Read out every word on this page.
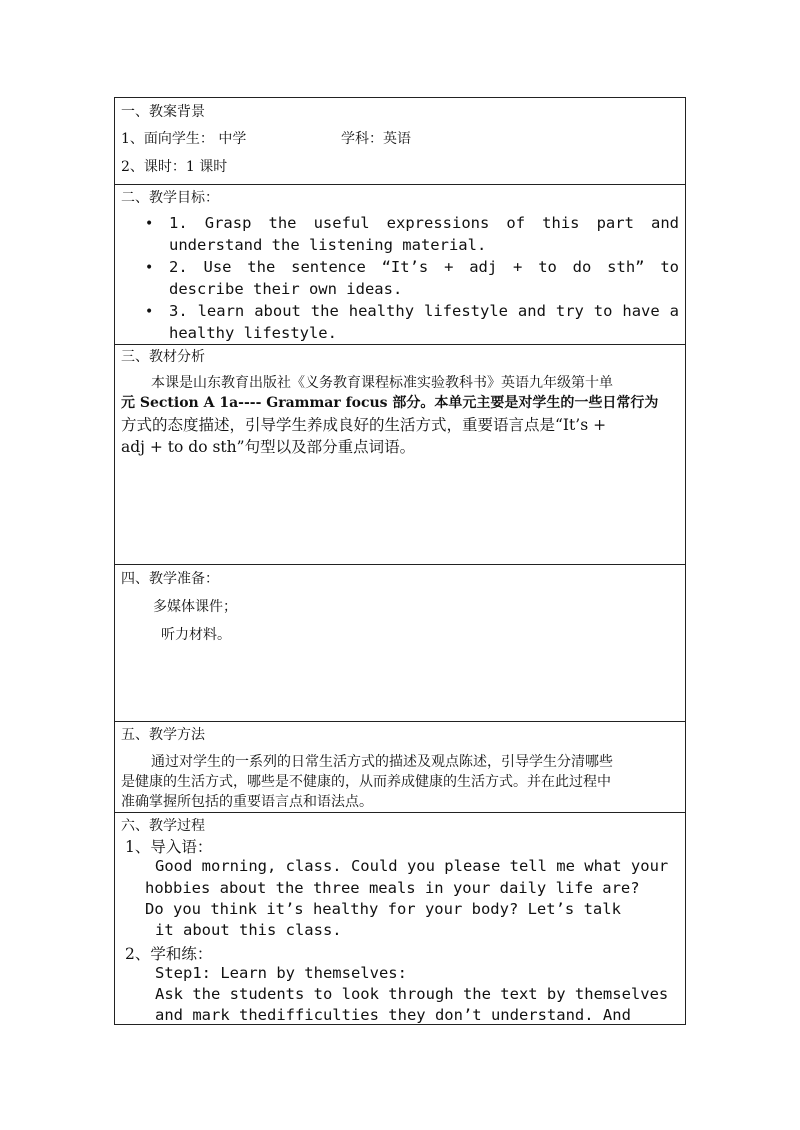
一、教案背景
1、面向学生： 中学	学科：英语
2、课时：1 课时
二、教学目标：
• 1. Grasp the useful expressions of this part and
understand the listening material.
• 2. Use the sentence “It’s + adj + to do sth” to
describe their own ideas.
• 3. learn about the healthy lifestyle and try to have a
healthy lifestyle.
三、教材分析
本课是山东教育出版社《义务教育课程标准实验教科书》英语九年级第十单
元 Section A 1a---- Grammar focus 部分。本单元主要是对学生的一些日常行为
方式的态度描述，引导学生养成良好的生活方式，重要语言点是“It’s +
adj + to do sth”句型以及部分重点词语。
四、教学准备：
多媒体课件；
听力材料。
五、教学方法
通过对学生的一系列的日常生活方式的描述及观点陈述，引导学生分清哪些
是健康的生活方式，哪些是不健康的，从而养成健康的生活方式。并在此过程中
准确掌握所包括的重要语言点和语法点。
六、教学过程
1、导入语：
Good morning, class. Could you please tell me what your
hobbies about the three meals in your daily life are?
Do you think it’s healthy for your body? Let’s talk
it about this class.
2、学和练：
Step1: Learn by themselves:
Ask the students to look through the text by themselves
and mark thedifficulties they don’t understand. And
